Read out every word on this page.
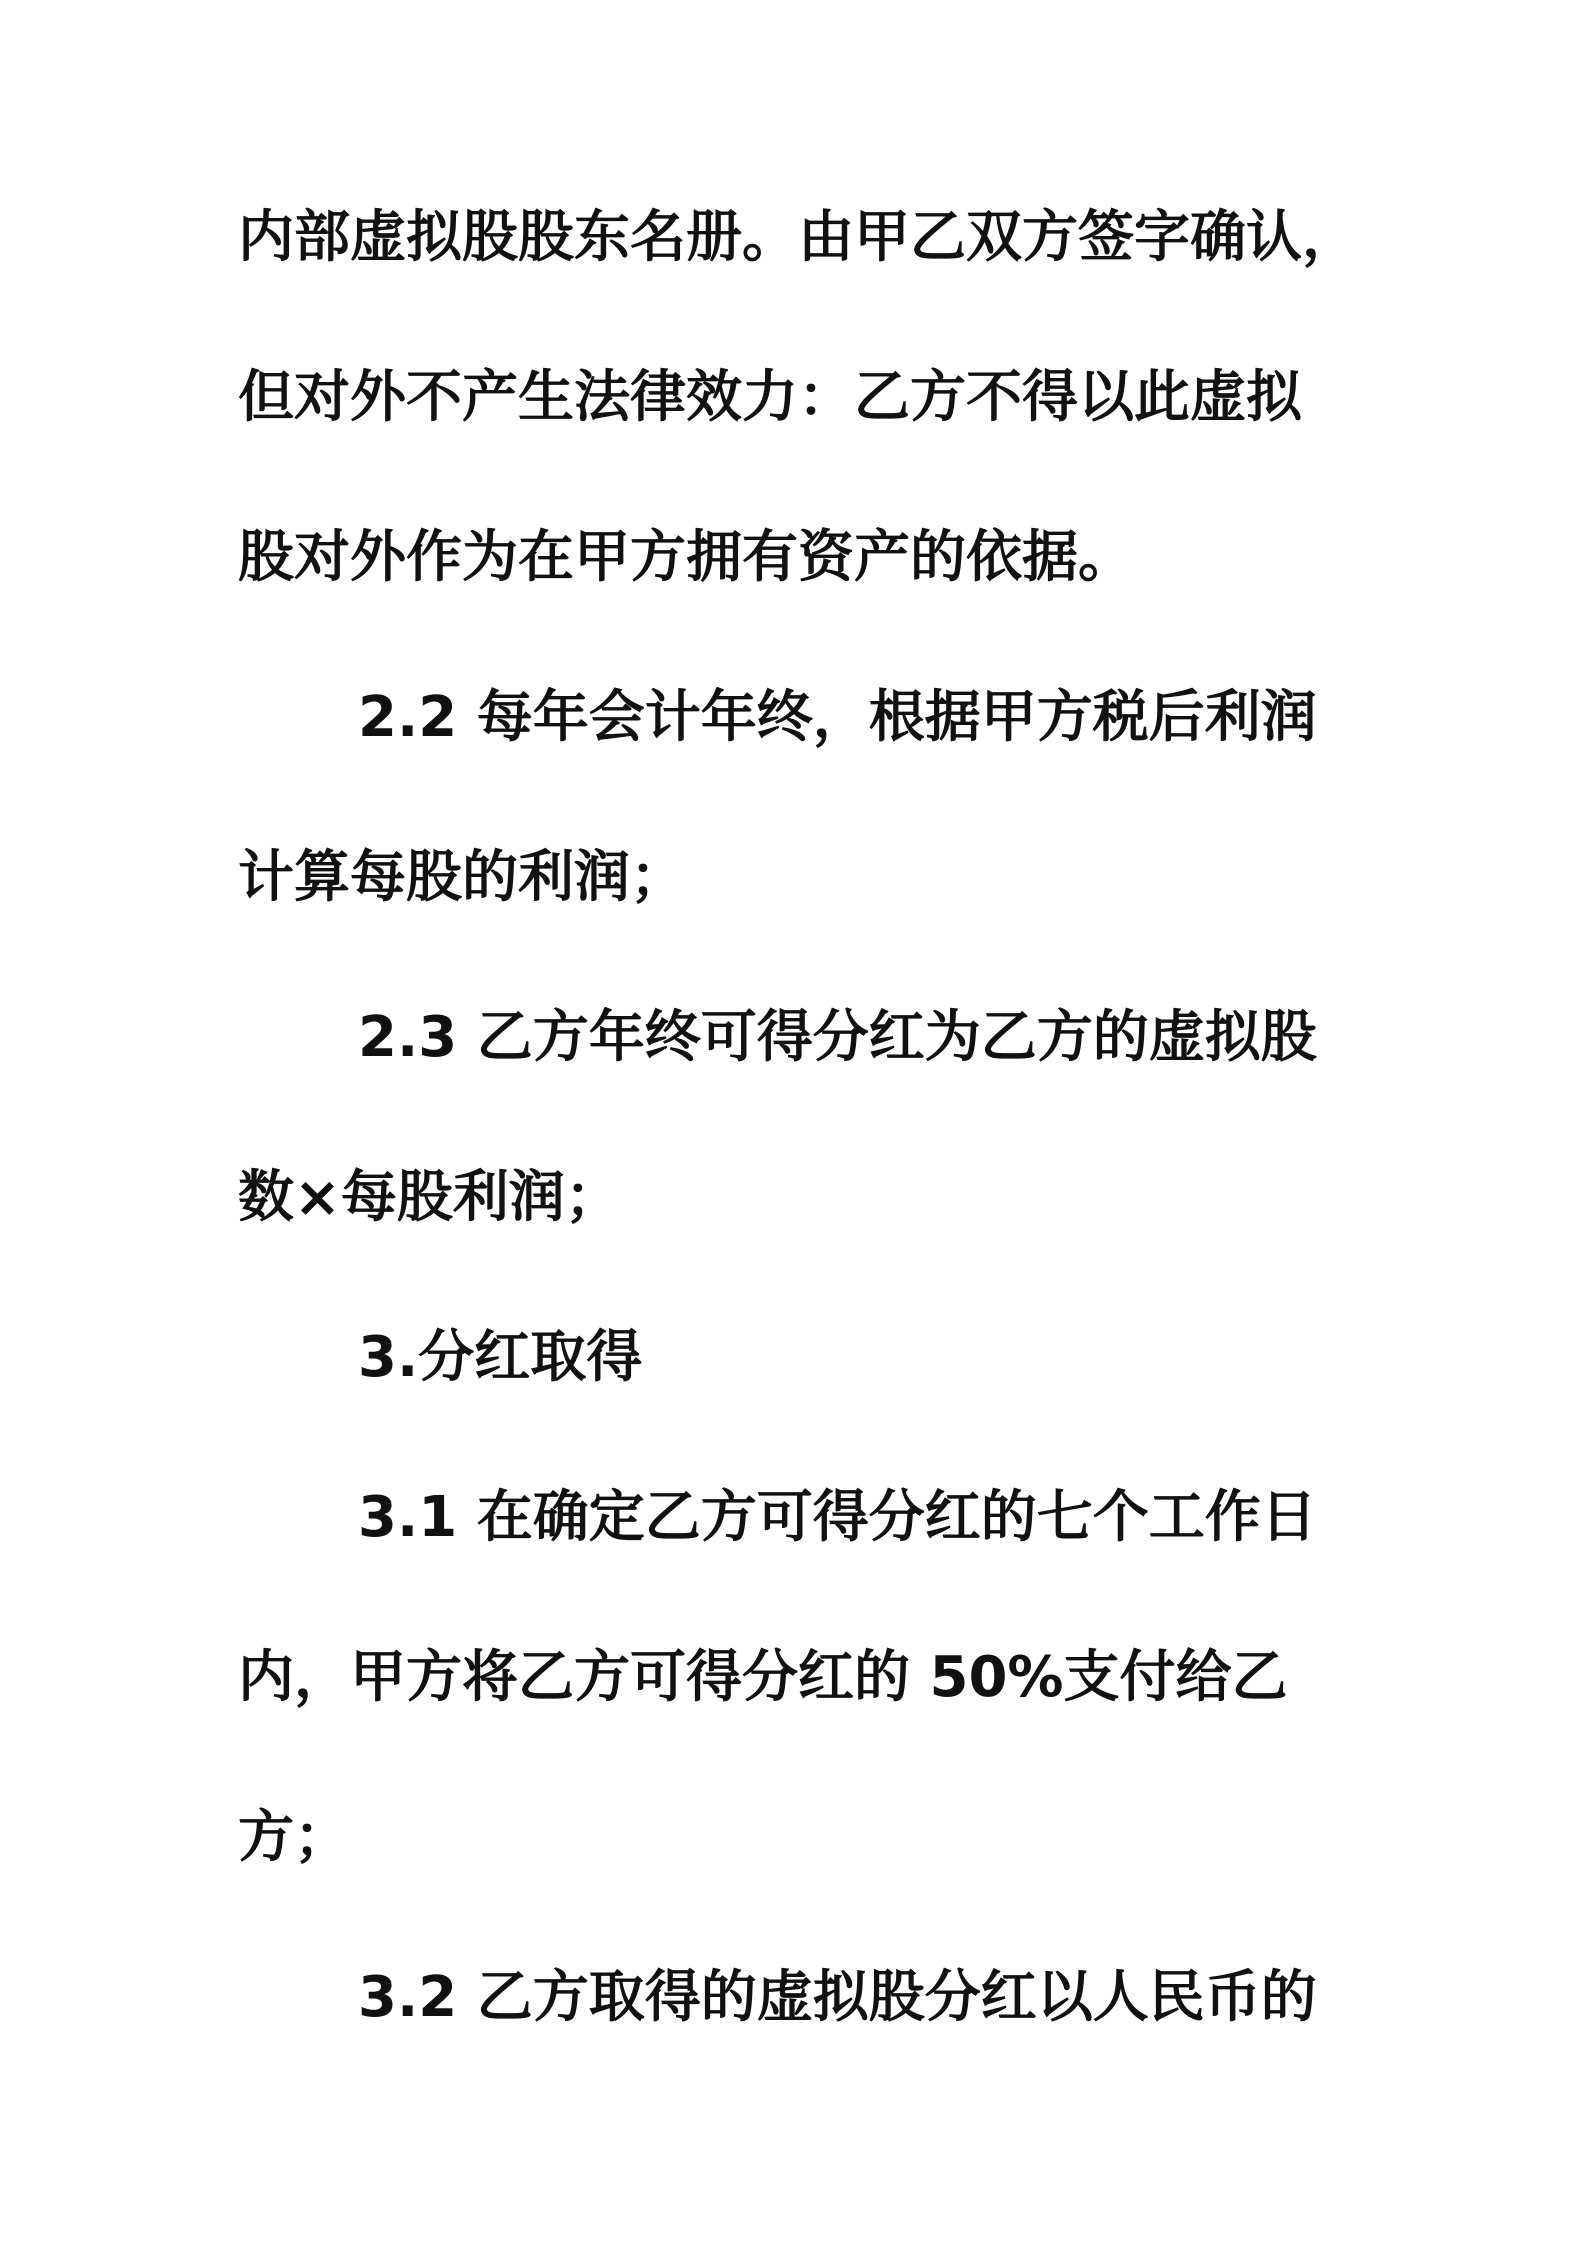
内部虚拟股股东名册。由甲乙双方签字确认，
但对外不产生法律效力：乙方不得以此虚拟
股对外作为在甲方拥有资产的依据。
2.2 每年会计年终，根据甲方税后利润
计算每股的利润；
2.3 乙方年终可得分红为乙方的虚拟股
数×每股利润；
3.分红取得
3.1 在确定乙方可得分红的七个工作日
内，甲方将乙方可得分红的 50%支付给乙
方；
3.2 乙方取得的虚拟股分红以人民币的
